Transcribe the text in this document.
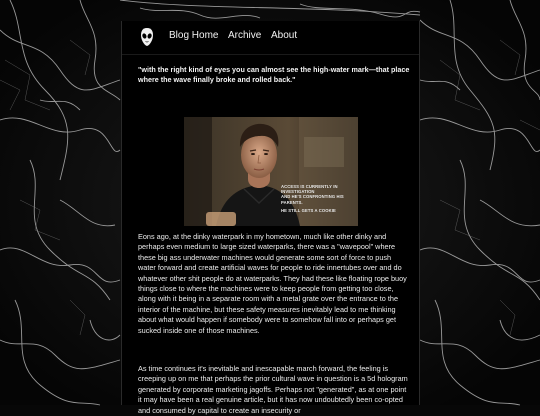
Blog Home Archive About

"with the right kind of eyes you can almost see the high-water mark—that place where the wave finally broke and rolled back."

ACCESS IS CURRENTLY IN INVESTIGATION
AND HE'S CONFRONTING HIS PARENTS.
HE STILL GETS A COOKIE

Eons ago, at the dinky waterpark in my hometown, much like other dinky and perhaps even medium to large sized waterparks, there was a "wavepool" where these big ass underwater machines would generate some sort of force to push water forward and create artificial waves for people to ride innertubes over and do whatever other shit people do at waterparks. They had these like floating rope buoy things close to where the machines were to keep people from getting too close, along with it being in a separate room with a metal grate over the entrance to the interior of the machine, but these safety measures inevitably lead to me thinking about what would happen if somebody were to somehow fall into or perhaps get sucked inside one of those machines.

As time continues it's inevitable and inescapable march forward, the feeling is creeping up on me that perhaps the prior cultural wave in question is a 5d hologram generated by corporate marketing jagoffs. Perhaps not "generated", as at one point it may have been a real genuine article, but it has now undoubtedly been co-opted and consumed by capital to create an insecurity or
